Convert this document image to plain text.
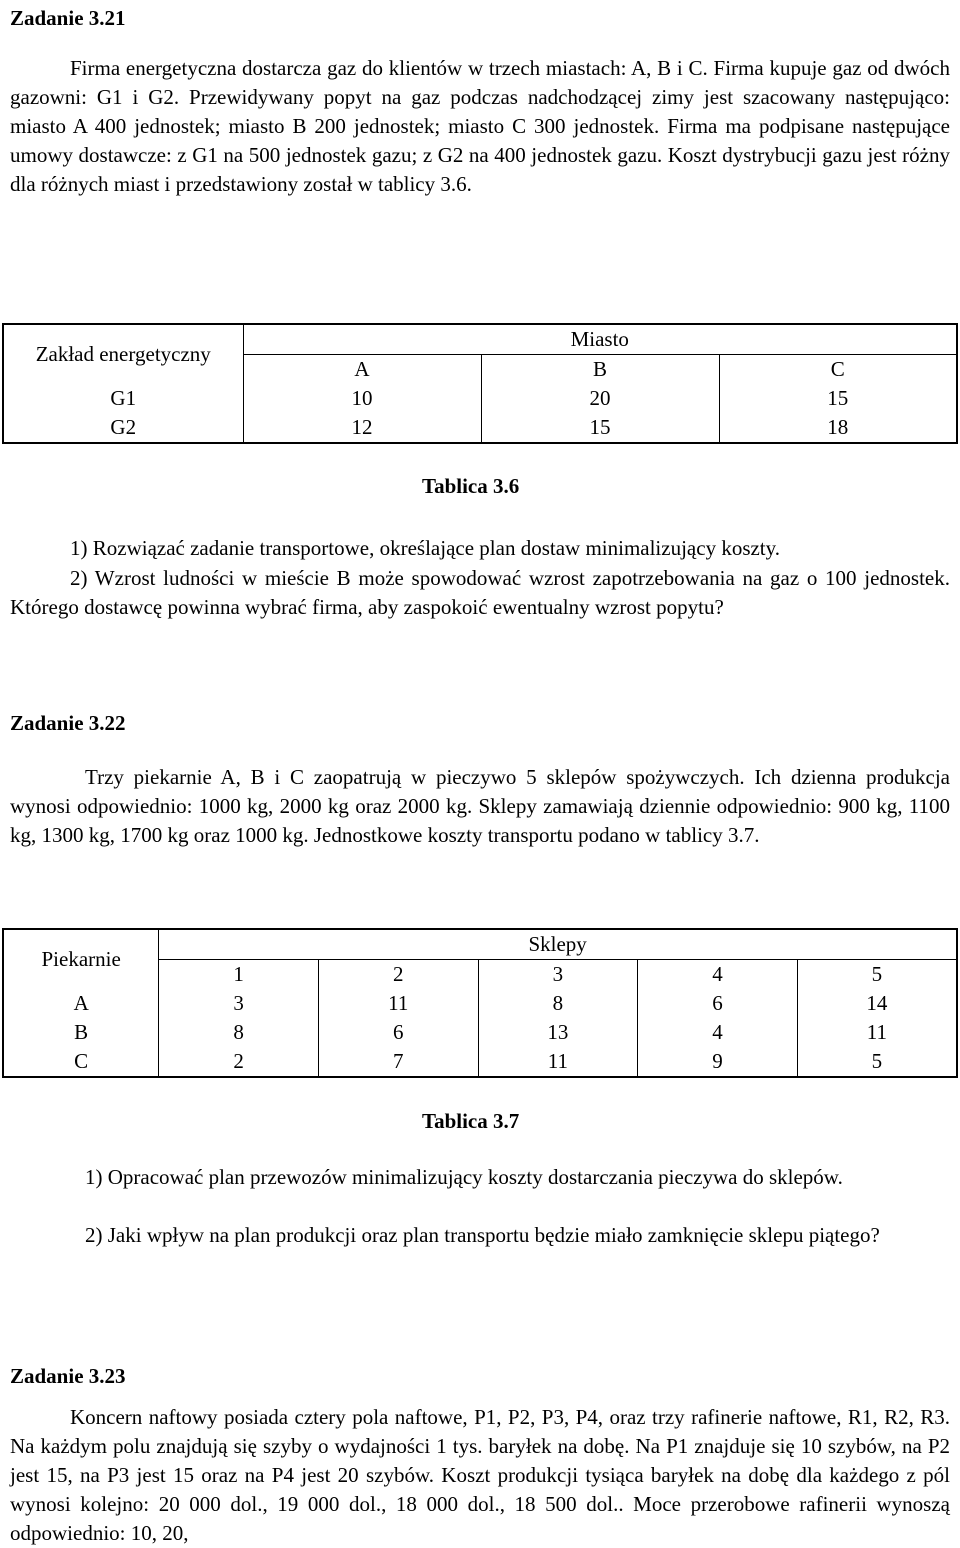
Zadanie 3.21

Firma energetyczna dostarcza gaz do klientów w trzech miastach: A, B i C. Firma kupuje gaz od dwóch gazowni: G1 i G2. Przewidywany popyt na gaz podczas nadchodzącej zimy jest szacowany następująco: miasto A 400 jednostek; miasto B 200 jednostek; miasto C 300 jednostek. Firma ma podpisane następujące umowy dostawcze: z G1 na 500 jednostek gazu; z G2 na 400 jednostek gazu. Koszt dystrybucji gazu jest różny dla różnych miast i przedstawiony został w tablicy 3.6.

Zakład energetyczny	Miasto		
	A	B	C
G1	10	20	15
G2	12	15	18

Tablica 3.6

1) Rozwiązać zadanie transportowe, określające plan dostaw minimalizujący koszty.

2) Wzrost ludności w mieście B może spowodować wzrost zapotrzebowania na gaz o 100 jednostek. Którego dostawcę powinna wybrać firma, aby zaspokoić ewentualny wzrost popytu?

Zadanie 3.22

Trzy piekarnie A, B i C zaopatrują w pieczywo 5 sklepów spożywczych. Ich dzienna produkcja wynosi odpowiednio: 1000 kg, 2000 kg oraz 2000 kg. Sklepy zamawiają dziennie odpowiednio: 900 kg, 1100 kg, 1300 kg, 1700 kg oraz 1000 kg. Jednostkowe koszty transportu podano w tablicy 3.7.

Piekarnie	Sklepy				
	1	2	3	4	5
A	3	11	8	6	14
B	8	6	13	4	11
C	2	7	11	9	5

Tablica 3.7

1) Opracować plan przewozów minimalizujący koszty dostarczania pieczywa do sklepów.

2) Jaki wpływ na plan produkcji oraz plan transportu będzie miało zamknięcie sklepu piątego?

Zadanie 3.23

Koncern naftowy posiada cztery pola naftowe, P1, P2, P3, P4, oraz trzy rafinerie naftowe, R1, R2, R3. Na każdym polu znajdują się szyby o wydajności 1 tys. baryłek na dobę. Na P1 znajduje się 10 szybów, na P2 jest 15, na P3 jest 15 oraz na P4 jest 20 szybów. Koszt produkcji tysiąca baryłek na dobę dla każdego z pól wynosi kolejno: 20 000 dol., 19 000 dol., 18 000 dol., 18 500 dol.. Moce przerobowe rafinerii wynoszą odpowiednio: 10, 20,
